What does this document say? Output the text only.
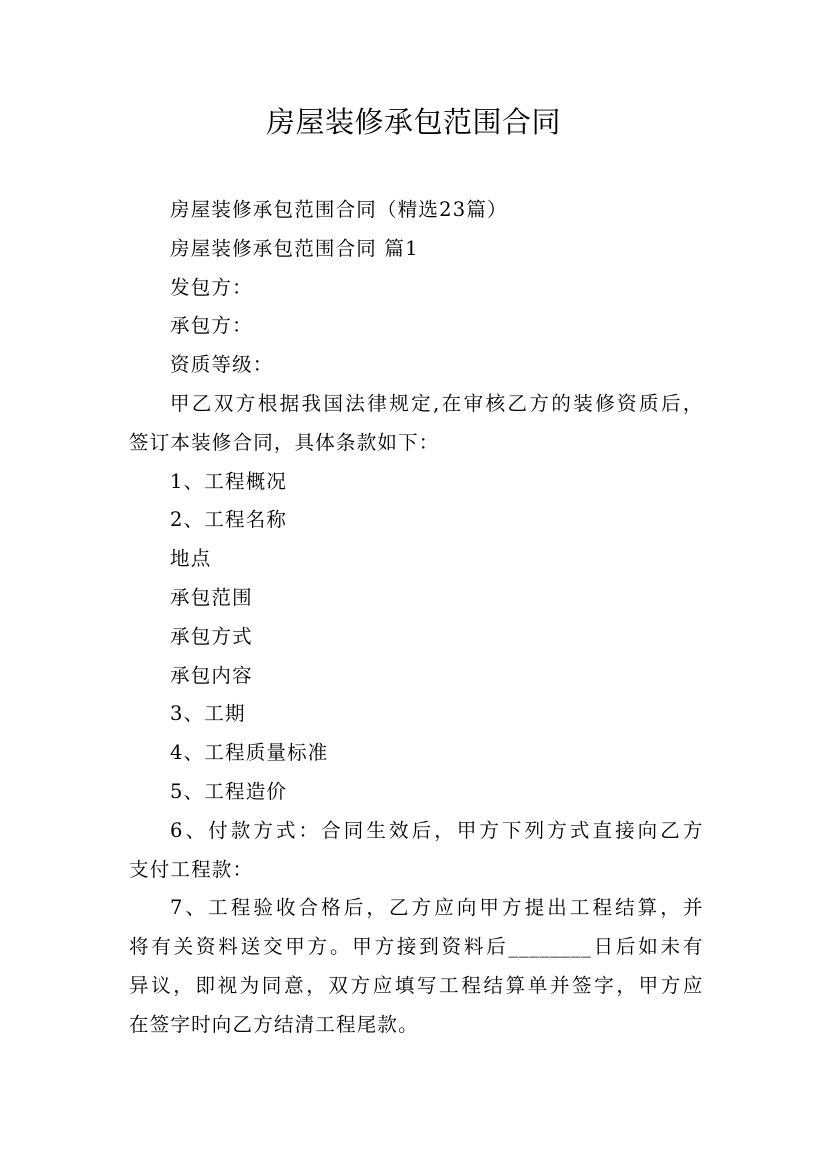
房屋装修承包范围合同
房屋装修承包范围合同（精选23篇）
房屋装修承包范围合同 篇1
发包方：
承包方：
资质等级：
甲乙双方根据我国法律规定,在审核乙方的装修资质后，
签订本装修合同，具体条款如下：
1、工程概况
2、工程名称
地点
承包范围
承包方式
承包内容
3、工期
4、工程质量标准
5、工程造价
6、付款方式：合同生效后，甲方下列方式直接向乙方
支付工程款：
7、工程验收合格后，乙方应向甲方提出工程结算，并
将有关资料送交甲方。甲方接到资料后________日后如未有
异议，即视为同意，双方应填写工程结算单并签字，甲方应
在签字时向乙方结清工程尾款。
